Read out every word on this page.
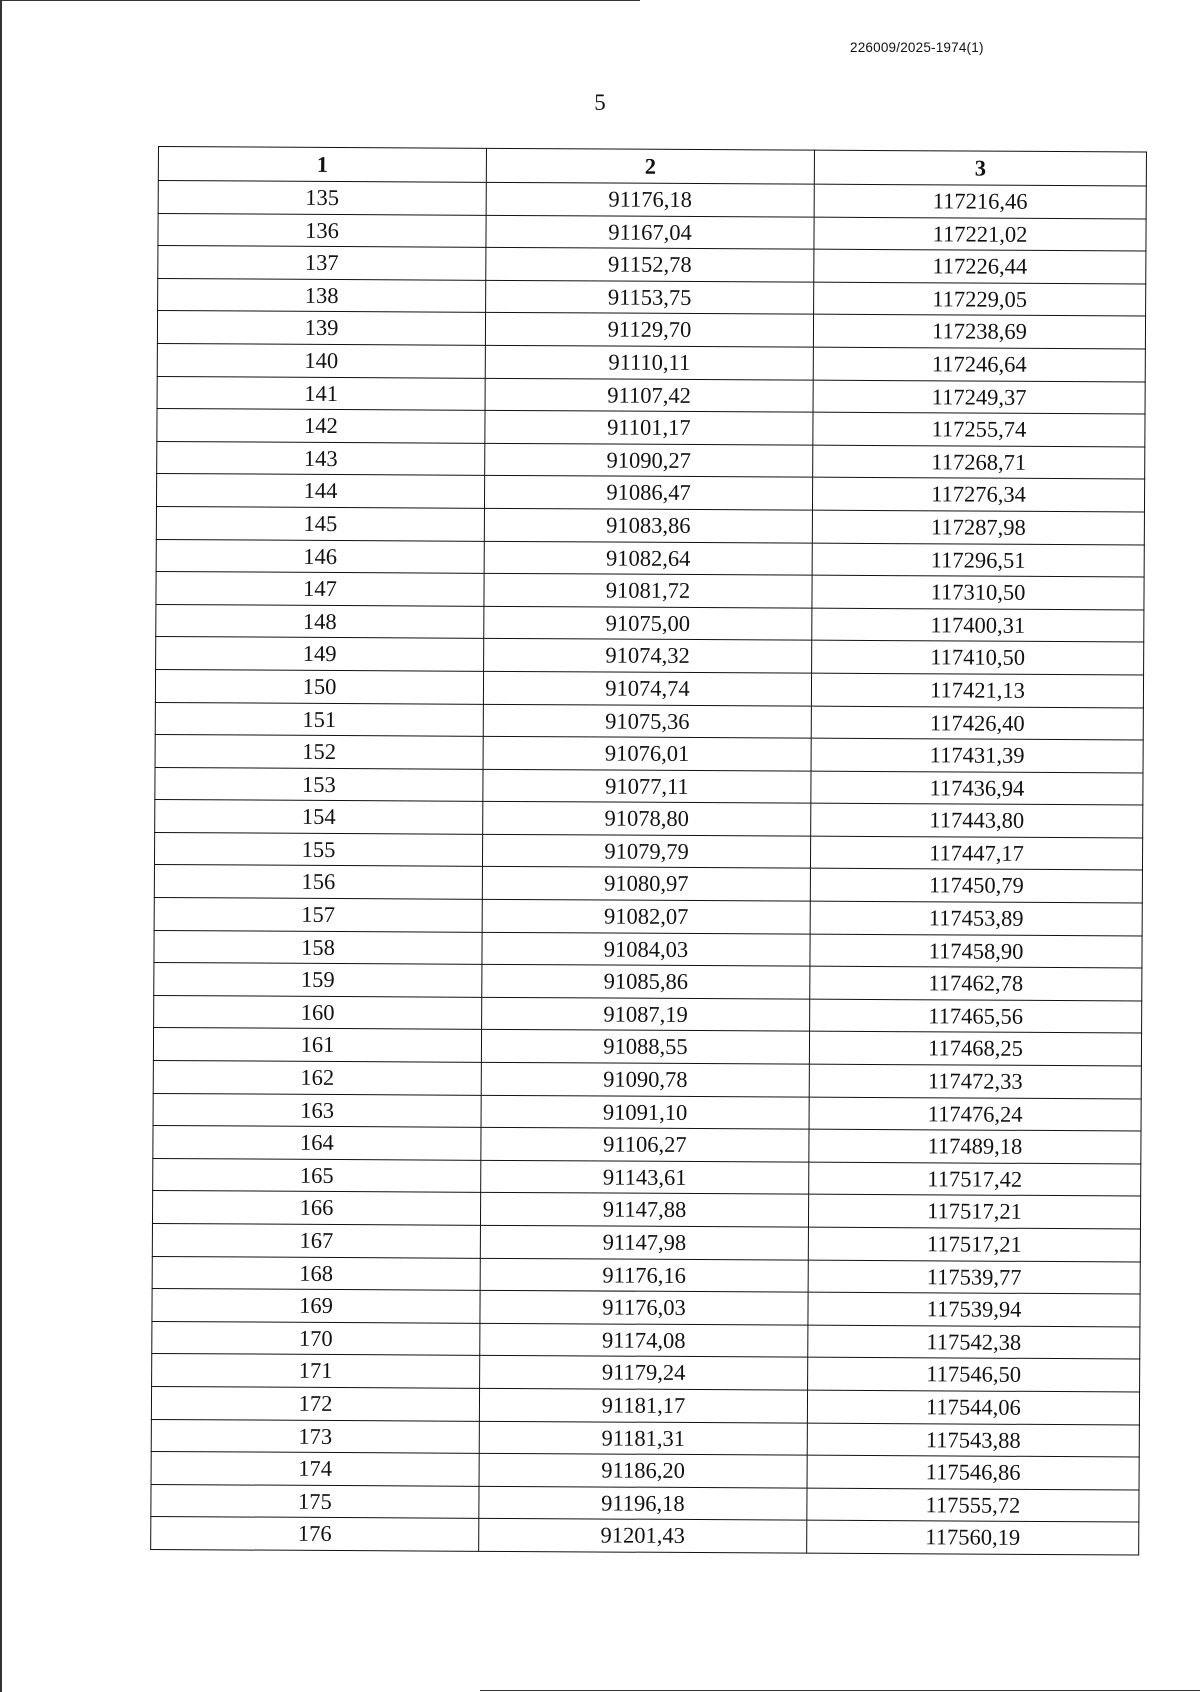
226009/2025-1974(1)
5
1	2	3
135	91176,18	117216,46
136	91167,04	117221,02
137	91152,78	117226,44
138	91153,75	117229,05
139	91129,70	117238,69
140	91110,11	117246,64
141	91107,42	117249,37
142	91101,17	117255,74
143	91090,27	117268,71
144	91086,47	117276,34
145	91083,86	117287,98
146	91082,64	117296,51
147	91081,72	117310,50
148	91075,00	117400,31
149	91074,32	117410,50
150	91074,74	117421,13
151	91075,36	117426,40
152	91076,01	117431,39
153	91077,11	117436,94
154	91078,80	117443,80
155	91079,79	117447,17
156	91080,97	117450,79
157	91082,07	117453,89
158	91084,03	117458,90
159	91085,86	117462,78
160	91087,19	117465,56
161	91088,55	117468,25
162	91090,78	117472,33
163	91091,10	117476,24
164	91106,27	117489,18
165	91143,61	117517,42
166	91147,88	117517,21
167	91147,98	117517,21
168	91176,16	117539,77
169	91176,03	117539,94
170	91174,08	117542,38
171	91179,24	117546,50
172	91181,17	117544,06
173	91181,31	117543,88
174	91186,20	117546,86
175	91196,18	117555,72
176	91201,43	117560,19
